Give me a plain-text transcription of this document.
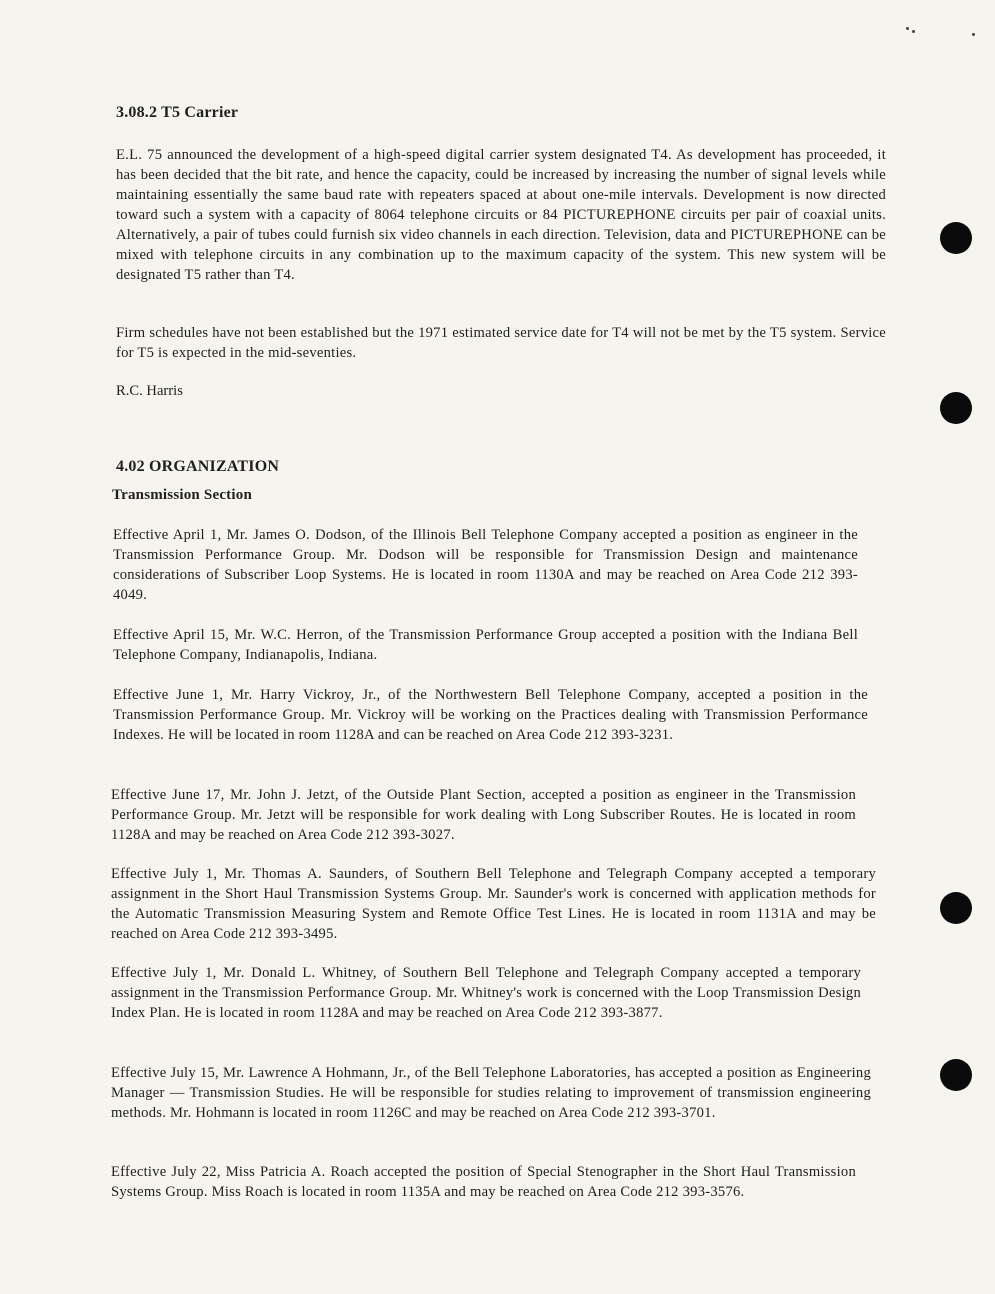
3.08.2 T5 Carrier

E.L. 75 announced the development of a high-speed digital carrier system designated T4. As development has proceeded, it has been decided that the bit rate, and hence the capacity, could be increased by increasing the number of signal levels while maintaining essentially the same baud rate with repeaters spaced at about one-mile intervals. Development is now directed toward such a system with a capacity of 8064 telephone circuits or 84 PICTUREPHONE circuits per pair of coaxial units. Alternatively, a pair of tubes could furnish six video channels in each direction. Television, data and PICTUREPHONE can be mixed with telephone circuits in any combination up to the maximum capacity of the system. This new system will be designated T5 rather than T4.

Firm schedules have not been established but the 1971 estimated service date for T4 will not be met by the T5 system. Service for T5 is expected in the mid-seventies.

R.C. Harris
4.02 ORGANIZATION
Transmission Section

Effective April 1, Mr. James O. Dodson, of the Illinois Bell Telephone Company accepted a position as engineer in the Transmission Performance Group. Mr. Dodson will be responsible for Transmission Design and maintenance considerations of Subscriber Loop Systems. He is located in room 1130A and may be reached on Area Code 212 393-4049.

Effective April 15, Mr. W.C. Herron, of the Transmission Performance Group accepted a position with the Indiana Bell Telephone Company, Indianapolis, Indiana.

Effective June 1, Mr. Harry Vickroy, Jr., of the Northwestern Bell Telephone Company, accepted a position in the Transmission Performance Group. Mr. Vickroy will be working on the Practices dealing with Transmission Performance Indexes. He will be located in room 1128A and can be reached on Area Code 212 393-3231.

Effective June 17, Mr. John J. Jetzt, of the Outside Plant Section, accepted a position as engineer in the Transmission Performance Group. Mr. Jetzt will be responsible for work dealing with Long Subscriber Routes. He is located in room 1128A and may be reached on Area Code 212 393-3027.

Effective July 1, Mr. Thomas A. Saunders, of Southern Bell Telephone and Telegraph Company accepted a temporary assignment in the Short Haul Transmission Systems Group. Mr. Saunder's work is concerned with application methods for the Automatic Transmission Measuring System and Remote Office Test Lines. He is located in room 1131A and may be reached on Area Code 212 393-3495.

Effective July 1, Mr. Donald L. Whitney, of Southern Bell Telephone and Telegraph Company accepted a temporary assignment in the Transmission Performance Group. Mr. Whitney's work is concerned with the Loop Transmission Design Index Plan. He is located in room 1128A and may be reached on Area Code 212 393-3877.

Effective July 15, Mr. Lawrence A Hohmann, Jr., of the Bell Telephone Laboratories, has accepted a position as Engineering Manager — Transmission Studies. He will be responsible for studies relating to improvement of transmission engineering methods. Mr. Hohmann is located in room 1126C and may be reached on Area Code 212 393-3701.

Effective July 22, Miss Patricia A. Roach accepted the position of Special Stenographer in the Short Haul Transmission Systems Group. Miss Roach is located in room 1135A and may be reached on Area Code 212 393-3576.
